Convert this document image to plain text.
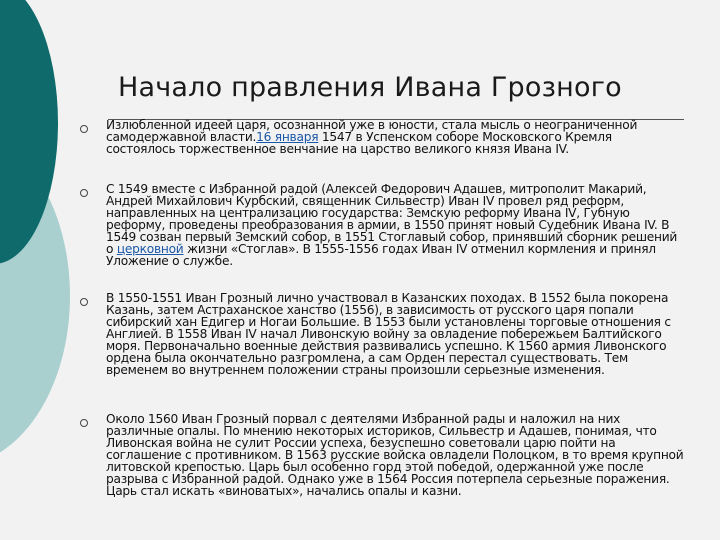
Начало правления Ивана Грозного
Излюбленной идеей царя, осознанной уже в юности, стала мысль о неограниченной самодержавной власти.16 января 1547 в Успенском соборе Московского Кремля состоялось торжественное венчание на царство великого князя Ивана IV.
С 1549 вместе с Избранной радой (Алексей Федорович Адашев, митрополит Макарий, Андрей Михайлович Курбский, священник Сильвестр) Иван IV провел ряд реформ, направленных на централизацию государства: Земскую реформу Ивана IV, Губную реформу, проведены преобразования в армии, в 1550 принят новый Судебник Ивана IV. В 1549 созван первый Земский собор, в 1551 Стоглавый собор, принявший сборник решений о церковной жизни «Стоглав». В 1555-1556 годах Иван IV отменил кормления и принял Уложение о службе.
В 1550-1551 Иван Грозный лично участвовал в Казанских походах. В 1552 была покорена Казань, затем Астраханское ханство (1556), в зависимость от русского царя попали сибирский хан Едигер и Ногаи Большие. В 1553 были установлены торговые отношения с Англией. В 1558 Иван IV начал Ливонскую войну за овладение побережьем Балтийского моря. Первоначально военные действия развивались успешно. К 1560 армия Ливонского ордена была окончательно разгромлена, а сам Орден перестал существовать. Тем временем во внутреннем положении страны произошли серьезные изменения.
Около 1560 Иван Грозный порвал с деятелями Избранной рады и наложил на них различные опалы. По мнению некоторых историков, Сильвестр и Адашев, понимая, что Ливонская война не сулит России успеха, безуспешно советовали царю пойти на соглашение с противником. В 1563 русские войска овладели Полоцком, в то время крупной литовской крепостью. Царь был особенно горд этой победой, одержанной уже после разрыва с Избранной радой. Однако уже в 1564 Россия потерпела серьезные поражения. Царь стал искать «виноватых», начались опалы и казни.
